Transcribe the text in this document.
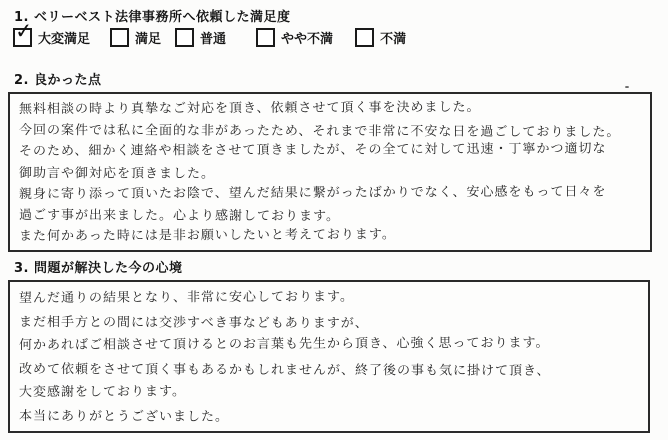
1. ベリーベスト法律事務所へ依頼した満足度
✓ 大変満足	満足	普通	やや不満	不満
2. 良かった点
無料相談の時より真摯なご対応を頂き、依頼させて頂く事を決めました。
今回の案件では私に全面的な非があったため、それまで非常に不安な日を過ごしておりました。
そのため、細かく連絡や相談をさせて頂きましたが、その全てに対して迅速・丁寧かつ適切な
御助言や御対応を頂きました。
親身に寄り添って頂いたお陰で、望んだ結果に繋がったばかりでなく、安心感をもって日々を
過ごす事が出来ました。心より感謝しております。
また何かあった時には是非お願いしたいと考えております。
3. 問題が解決した今の心境
望んだ通りの結果となり、非常に安心しております。
まだ相手方との間には交渉すべき事などもありますが、
何かあればご相談させて頂けるとのお言葉も先生から頂き、心強く思っております。
改めて依頼をさせて頂く事もあるかもしれませんが、終了後の事も気に掛けて頂き、
大変感謝をしております。
本当にありがとうございました。
